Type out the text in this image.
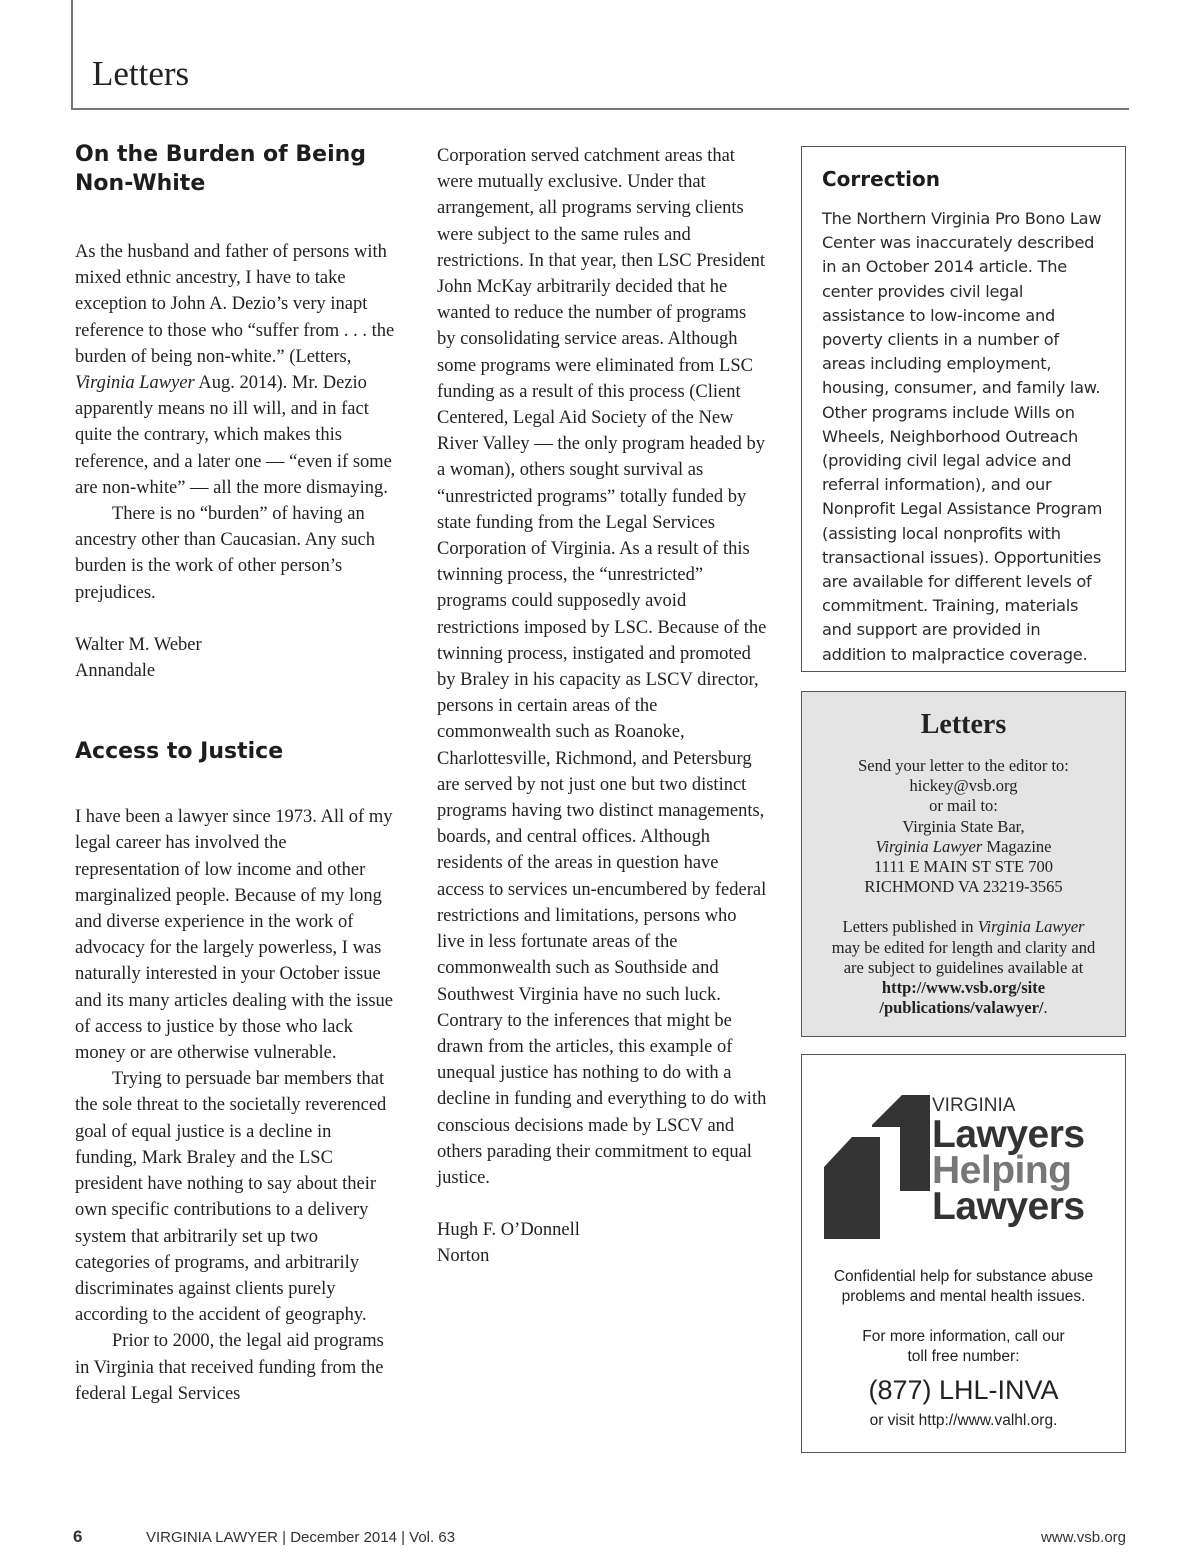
Letters
On the Burden of Being Non-White

As the husband and father of persons with mixed ethnic ancestry, I have to take exception to John A. Dezio’s very inapt reference to those who “suffer from . . . the burden of being non-white.” (Letters, Virginia Lawyer Aug. 2014). Mr. Dezio apparently means no ill will, and in fact quite the contrary, which makes this reference, and a later one — “even if some are non-white” — all the more dismaying.

There is no “burden” of having an ancestry other than Caucasian. Any such burden is the work of other person’s prejudices.

Walter M. Weber

Annandale

Access to Justice

I have been a lawyer since 1973. All of my legal career has involved the representation of low income and other marginalized people. Because of my long and diverse experience in the work of advocacy for the largely powerless, I was naturally interested in your October issue and its many articles dealing with the issue of access to justice by those who lack money or are otherwise vulnerable.

Trying to persuade bar members that the sole threat to the societally reverenced goal of equal justice is a decline in funding, Mark Braley and the LSC president have nothing to say about their own specific contributions to a delivery system that arbitrarily set up two categories of programs, and arbitrarily discriminates against clients purely according to the accident of geography.

Prior to 2000, the legal aid programs in Virginia that received funding from the federal Legal Services

Corporation served catchment areas that were mutually exclusive. Under that arrangement, all programs serving clients were subject to the same rules and restrictions. In that year, then LSC President John McKay arbitrarily decided that he wanted to reduce the number of programs by consolidating service areas. Although some programs were eliminated from LSC funding as a result of this process (Client Centered, Legal Aid Society of the New River Valley — the only program headed by a woman), others sought survival as “unrestricted programs” totally funded by state funding from the Legal Services Corporation of Virginia. As a result of this twinning process, the “unrestricted” programs could supposedly avoid restrictions imposed by LSC. Because of the twinning process, instigated and promoted by Braley in his capacity as LSCV director, persons in certain areas of the commonwealth such as Roanoke, Charlottesville, Richmond, and Petersburg are served by not just one but two distinct programs having two distinct managements, boards, and central offices. Although residents of the areas in question have access to services un-encumbered by federal restrictions and limitations, persons who live in less fortunate areas of the commonwealth such as Southside and Southwest Virginia have no such luck. Contrary to the inferences that might be drawn from the articles, this example of unequal justice has nothing to do with a decline in funding and everything to do with conscious decisions made by LSCV and others parading their commitment to equal justice.

Hugh F. O’Donnell

Norton

Correction

The Northern Virginia Pro Bono Law Center was inaccurately described in an October 2014 article. The center provides civil legal assistance to low-income and poverty clients in a number of areas including employment, housing, consumer, and family law. Other programs include Wills on Wheels, Neighborhood Outreach (providing civil legal advice and referral information), and our Nonprofit Legal Assistance Program (assisting local nonprofits with transactional issues). Opportunities are available for different levels of commitment. Training, materials and support are provided in addition to malpractice coverage.

Letters

Send your letter to the editor to:

hickey@vsb.org

or mail to:

Virginia State Bar,

Virginia Lawyer Magazine

1111 E MAIN ST STE 700

RICHMOND VA 23219-3565

Letters published in Virginia Lawyer

may be edited for length and clarity and

are subject to guidelines available at

http://www.vsb.org/site

/publications/valawyer/.

VIRGINIA
Lawyers
Helping
Lawyers
Confidential help for substance abuse
problems and mental health issues.
For more information, call our
toll free number:
(877) LHL-INVA
or visit http://www.valhl.org.
6	VIRGINIA LAWYER | December 2014 | Vol. 63	www.vsb.org
